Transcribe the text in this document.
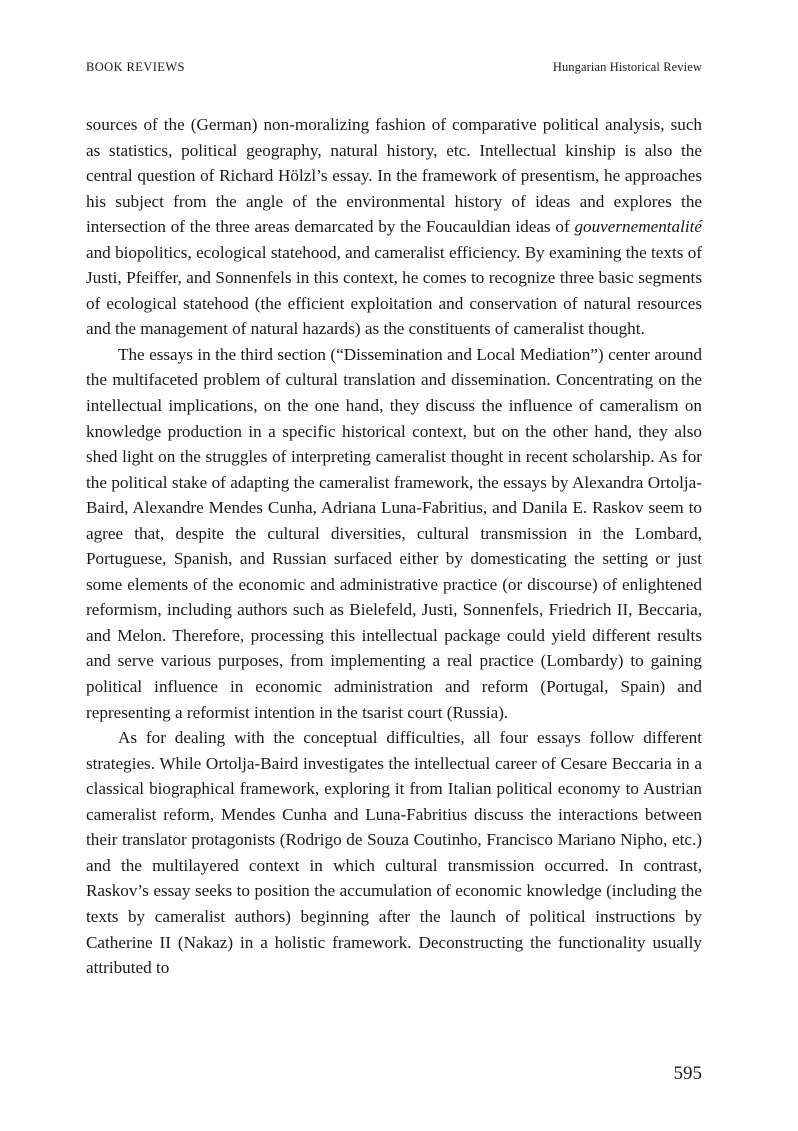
BOOK REVIEWS	Hungarian Historical Review

sources of the (German) non-moralizing fashion of comparative political analysis, such as statistics, political geography, natural history, etc. Intellectual kinship is also the central question of Richard Hölzl’s essay. In the framework of presentism, he approaches his subject from the angle of the environmental history of ideas and explores the intersection of the three areas demarcated by the Foucauldian ideas of gouvernementalité and biopolitics, ecological statehood, and cameralist efficiency. By examining the texts of Justi, Pfeiffer, and Sonnenfels in this context, he comes to recognize three basic segments of ecological statehood (the efficient exploitation and conservation of natural resources and the management of natural hazards) as the constituents of cameralist thought.

The essays in the third section (“Dissemination and Local Mediation”) center around the multifaceted problem of cultural translation and dissemination. Concentrating on the intellectual implications, on the one hand, they discuss the influence of cameralism on knowledge production in a specific historical context, but on the other hand, they also shed light on the struggles of interpreting cameralist thought in recent scholarship. As for the political stake of adapting the cameralist framework, the essays by Alexandra Ortolja-Baird, Alexandre Mendes Cunha, Adriana Luna-Fabritius, and Danila E. Raskov seem to agree that, despite the cultural diversities, cultural transmission in the Lombard, Portuguese, Spanish, and Russian surfaced either by domesticating the setting or just some elements of the economic and administrative practice (or discourse) of enlightened reformism, including authors such as Bielefeld, Justi, Sonnenfels, Friedrich II, Beccaria, and Melon. Therefore, processing this intellectual package could yield different results and serve various purposes, from implementing a real practice (Lombardy) to gaining political influence in economic administration and reform (Portugal, Spain) and representing a reformist intention in the tsarist court (Russia).

As for dealing with the conceptual difficulties, all four essays follow different strategies. While Ortolja-Baird investigates the intellectual career of Cesare Beccaria in a classical biographical framework, exploring it from Italian political economy to Austrian cameralist reform, Mendes Cunha and Luna-Fabritius discuss the interactions between their translator protagonists (Rodrigo de Souza Coutinho, Francisco Mariano Nipho, etc.) and the multilayered context in which cultural transmission occurred. In contrast, Raskov’s essay seeks to position the accumulation of economic knowledge (including the texts by cameralist authors) beginning after the launch of political instructions by Catherine II (Nakaz) in a holistic framework. Deconstructing the functionality usually attributed to

595
